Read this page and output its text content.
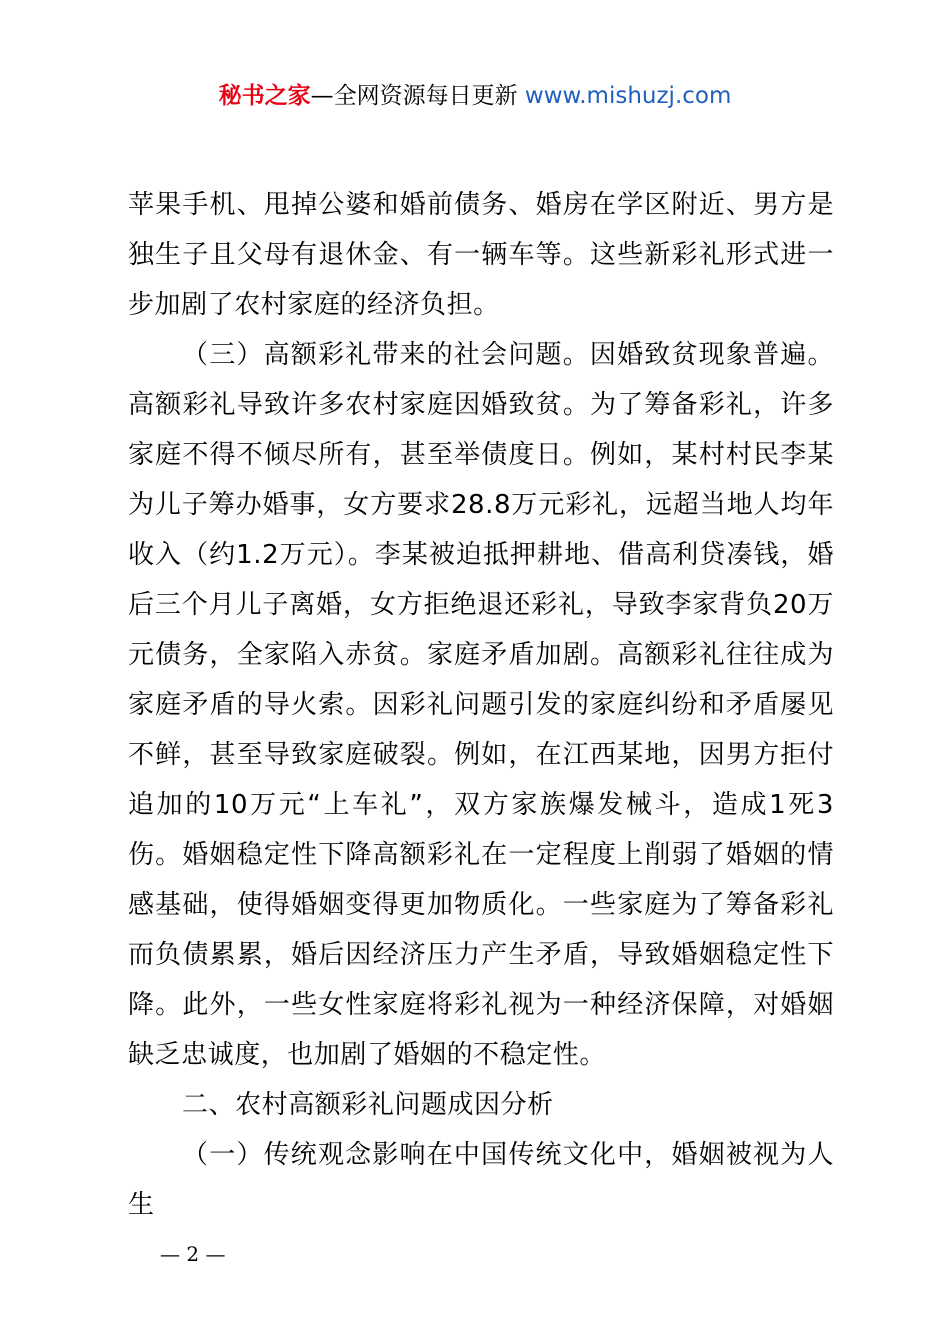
秘书之家—全网资源每日更新 www.mishuzj.com

苹果手机、甩掉公婆和婚前债务、婚房在学区附近、男方是独生子且父母有退休金、有一辆车等。这些新彩礼形式进一步加剧了农村家庭的经济负担。

（三）高额彩礼带来的社会问题。因婚致贫现象普遍。高额彩礼导致许多农村家庭因婚致贫。为了筹备彩礼，许多家庭不得不倾尽所有，甚至举债度日。例如，某村村民李某为儿子筹办婚事，女方要求28.8万元彩礼，远超当地人均年收入（约1.2万元）。李某被迫抵押耕地、借高利贷凑钱，婚后三个月儿子离婚，女方拒绝退还彩礼，导致李家背负20万元债务，全家陷入赤贫。家庭矛盾加剧。高额彩礼往往成为家庭矛盾的导火索。因彩礼问题引发的家庭纠纷和矛盾屡见不鲜，甚至导致家庭破裂。例如，在江西某地，因男方拒付追加的10万元“上车礼”，双方家族爆发械斗，造成1死3伤。婚姻稳定性下降高额彩礼在一定程度上削弱了婚姻的情感基础，使得婚姻变得更加物质化。一些家庭为了筹备彩礼而负债累累，婚后因经济压力产生矛盾，导致婚姻稳定性下降。此外，一些女性家庭将彩礼视为一种经济保障，对婚姻缺乏忠诚度，也加剧了婚姻的不稳定性。

二、农村高额彩礼问题成因分析

（一）传统观念影响在中国传统文化中，婚姻被视为人生

— 2 —
